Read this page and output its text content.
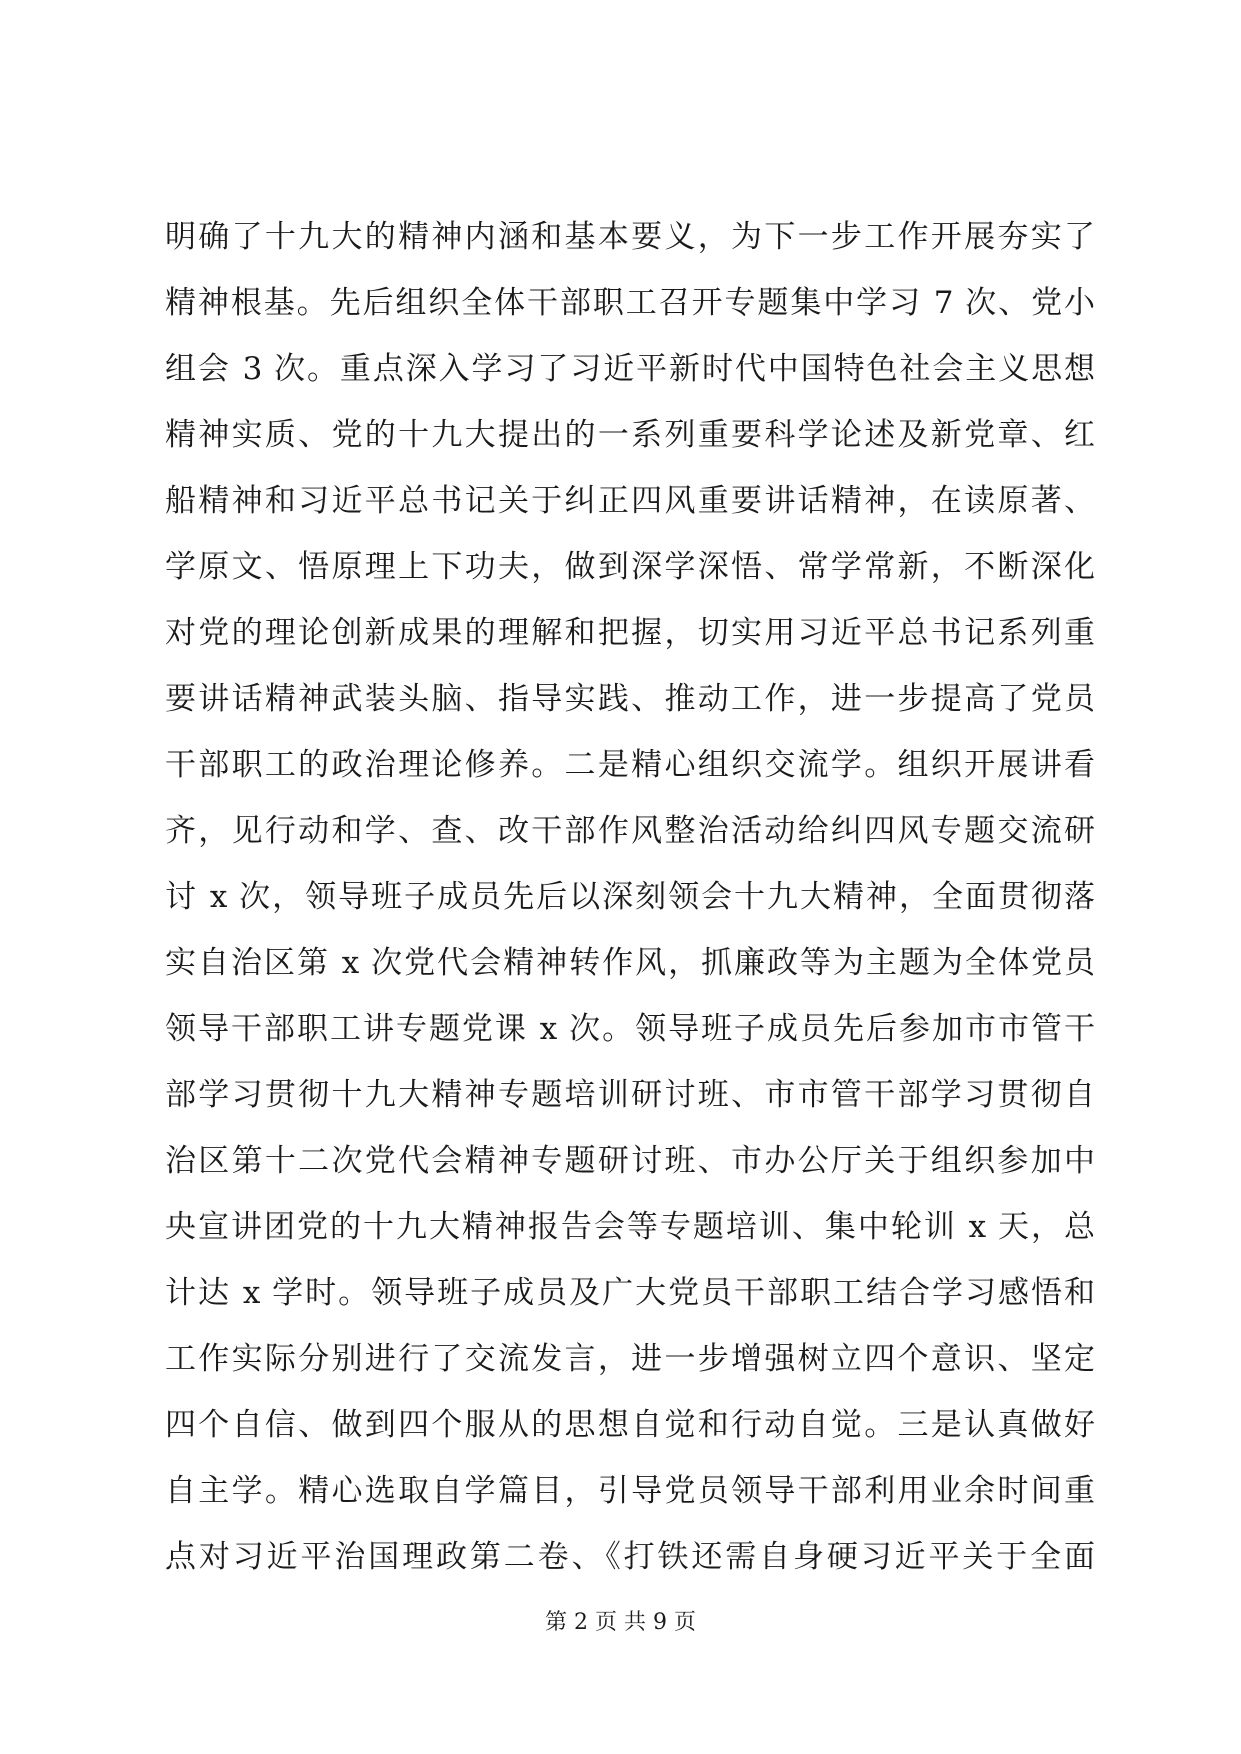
明确了十九大的精神内涵和基本要义，为下一步工作开展夯实了
精神根基。先后组织全体干部职工召开专题集中学习 7 次、党小
组会 3 次。重点深入学习了习近平新时代中国特色社会主义思想
精神实质、党的十九大提出的一系列重要科学论述及新党章、红
船精神和习近平总书记关于纠正四风重要讲话精神，在读原著、
学原文、悟原理上下功夫，做到深学深悟、常学常新，不断深化
对党的理论创新成果的理解和把握，切实用习近平总书记系列重
要讲话精神武装头脑、指导实践、推动工作，进一步提高了党员
干部职工的政治理论修养。二是精心组织交流学。组织开展讲看
齐，见行动和学、查、改干部作风整治活动给纠四风专题交流研
讨 x 次，领导班子成员先后以深刻领会十九大精神，全面贯彻落
实自治区第 x 次党代会精神转作风，抓廉政等为主题为全体党员
领导干部职工讲专题党课 x 次。领导班子成员先后参加市市管干
部学习贯彻十九大精神专题培训研讨班、市市管干部学习贯彻自
治区第十二次党代会精神专题研讨班、市办公厅关于组织参加中
央宣讲团党的十九大精神报告会等专题培训、集中轮训 x 天，总
计达 x 学时。领导班子成员及广大党员干部职工结合学习感悟和
工作实际分别进行了交流发言，进一步增强树立四个意识、坚定
四个自信、做到四个服从的思想自觉和行动自觉。三是认真做好
自主学。精心选取自学篇目，引导党员领导干部利用业余时间重
点对习近平治国理政第二卷、《打铁还需自身硬习近平关于全面
第 2 页 共 9 页
